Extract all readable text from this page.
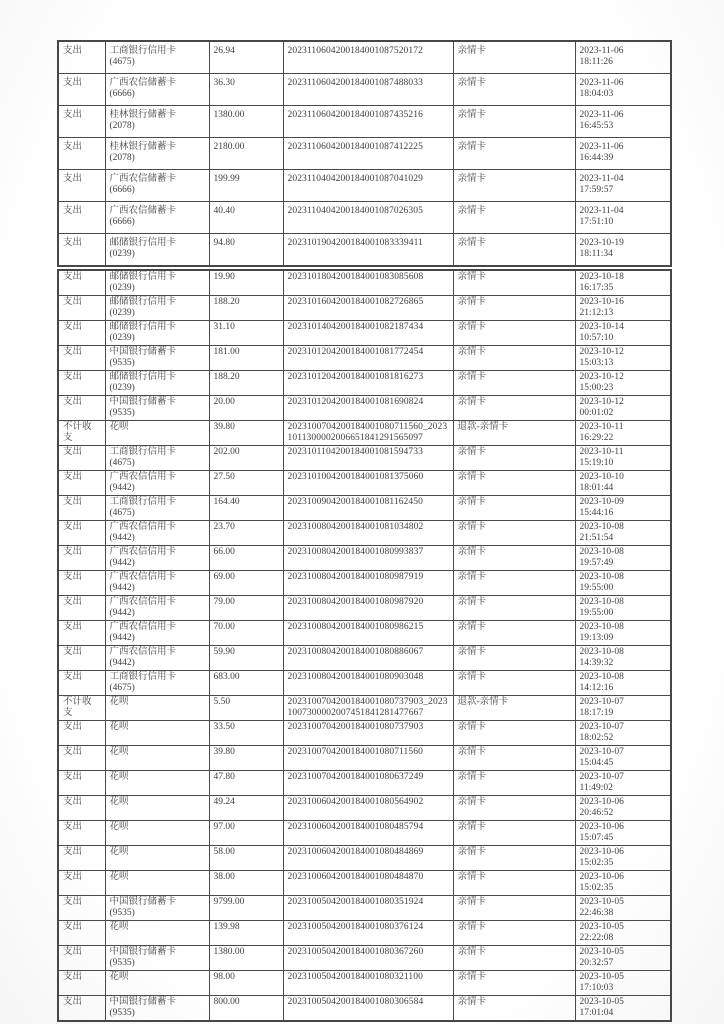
支出	工商银行信用卡
(4675)
	26.94	2023110604200184001087520172	亲情卡	2023-11-06
18:11:26

支出	广西农信储蓄卡
(6666)
	36.30	2023110604200184001087488033	亲情卡	2023-11-06
18:04:03

支出	桂林银行储蓄卡
(2078)
	1380.00	2023110604200184001087435216	亲情卡	2023-11-06
16:45:53

支出	桂林银行储蓄卡
(2078)
	2180.00	2023110604200184001087412225	亲情卡	2023-11-06
16:44:39

支出	广西农信储蓄卡
(6666)
	199.99	2023110404200184001087041029	亲情卡	2023-11-04
17:59:57

支出	广西农信储蓄卡
(6666)
	40.40	2023110404200184001087026305	亲情卡	2023-11-04
17:51:10

支出	邮储银行信用卡
(0239)
	94.80	2023101904200184001083339411	亲情卡	2023-10-19
18:11:34
支出	邮储银行信用卡
(0239)
	19.90	2023101804200184001083085608	亲情卡	2023-10-18
16:17:35

支出	邮储银行信用卡
(0239)
	188.20	2023101604200184001082726865	亲情卡	2023-10-16
21:12:13

支出	邮储银行信用卡
(0239)
	31.10	2023101404200184001082187434	亲情卡	2023-10-14
10:57:10

支出	中国银行储蓄卡
(9535)
	181.00	2023101204200184001081772454	亲情卡	2023-10-12
15:03:13

支出	邮储银行信用卡
(0239)
	188.20	2023101204200184001081816273	亲情卡	2023-10-12
15:00:23

支出	中国银行储蓄卡
(9535)
	20.00	2023101204200184001081690824	亲情卡	2023-10-12
00:01:02

不计收支	花呗	39.80	2023100704200184001080711560_20231011300002006651841291565097	退款-亲情卡	2023-10-11
16:29:22

支出	工商银行信用卡
(4675)
	202.00	2023101104200184001081594733	亲情卡	2023-10-11
15:19:10

支出	广西农信信用卡
(9442)
	27.50	2023101004200184001081375060	亲情卡	2023-10-10
18:01:44

支出	工商银行信用卡
(4675)
	164.40	2023100904200184001081162450	亲情卡	2023-10-09
15:44:16

支出	广西农信信用卡
(9442)
	23.70	2023100804200184001081034802	亲情卡	2023-10-08
21:51:54

支出	广西农信信用卡
(9442)
	66.00	2023100804200184001080993837	亲情卡	2023-10-08
19:57:49

支出	广西农信信用卡
(9442)
	69.00	2023100804200184001080987919	亲情卡	2023-10-08
19:55:00

支出	广西农信信用卡
(9442)
	79.00	2023100804200184001080987920	亲情卡	2023-10-08
19:55:00

支出	广西农信信用卡
(9442)
	70.00	2023100804200184001080986215	亲情卡	2023-10-08
19:13:09

支出	广西农信信用卡
(9442)
	59.90	2023100804200184001080886067	亲情卡	2023-10-08
14:39:32

支出	工商银行信用卡
(4675)
	683.00	2023100804200184001080903048	亲情卡	2023-10-08
14:12:16

不计收支	花呗	5.50	2023100704200184001080737903_20231007300002007451841281477667	退款-亲情卡	2023-10-07
18:17:19

支出	花呗	33.50	2023100704200184001080737903	亲情卡	2023-10-07
18:02:52

支出	花呗	39.80	2023100704200184001080711560	亲情卡	2023-10-07
15:04:45

支出	花呗	47.80	2023100704200184001080637249	亲情卡	2023-10-07
11:49:02

支出	花呗	49.24	2023100604200184001080564902	亲情卡	2023-10-06
20:46:52

支出	花呗	97.00	2023100604200184001080485794	亲情卡	2023-10-06
15:07:45

支出	花呗	58.00	2023100604200184001080484869	亲情卡	2023-10-06
15:02:35

支出	花呗	38.00	2023100604200184001080484870	亲情卡	2023-10-06
15:02:35

支出	中国银行储蓄卡
(9535)
	9799.00	2023100504200184001080351924	亲情卡	2023-10-05
22:46:38

支出	花呗	139.98	2023100504200184001080376124	亲情卡	2023-10-05
22:22:08

支出	中国银行储蓄卡
(9535)
	1380.00	2023100504200184001080367260	亲情卡	2023-10-05
20:32:57

支出	花呗	98.00	2023100504200184001080321100	亲情卡	2023-10-05
17:10:03

支出	中国银行储蓄卡
(9535)
	800.00	2023100504200184001080306584	亲情卡	2023-10-05
17:01:04
